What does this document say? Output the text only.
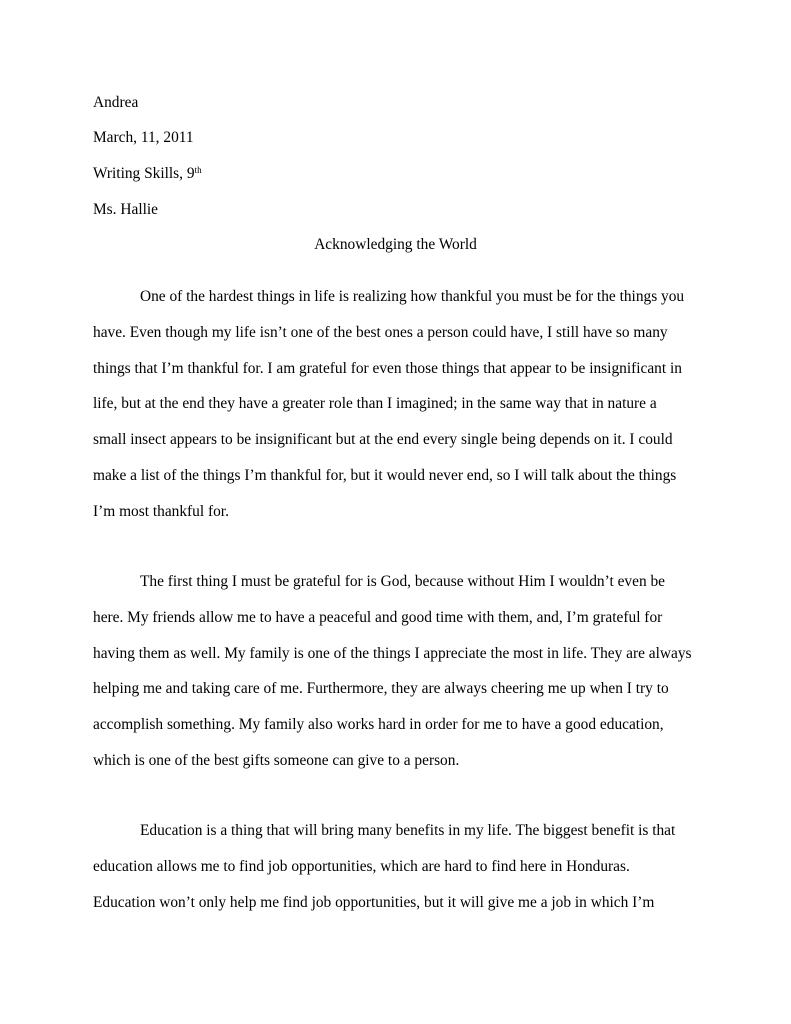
Andrea
March, 11, 2011
Writing Skills, 9th
Ms. Hallie
Acknowledging the World
One of the hardest things in life is realizing how thankful you must be for the things you
have. Even though my life isn’t one of the best ones a person could have, I still have so many
things that I’m thankful for. I am grateful for even those things that appear to be insignificant in
life, but at the end they have a greater role than I imagined; in the same way that in nature a
small insect appears to be insignificant but at the end every single being depends on it. I could
make a list of the things I’m thankful for, but it would never end, so I will talk about the things
I’m most thankful for.
The first thing I must be grateful for is God, because without Him I wouldn’t even be
here. My friends allow me to have a peaceful and good time with them, and, I’m grateful for
having them as well. My family is one of the things I appreciate the most in life. They are always
helping me and taking care of me. Furthermore, they are always cheering me up when I try to
accomplish something. My family also works hard in order for me to have a good education,
which is one of the best gifts someone can give to a person.
Education is a thing that will bring many benefits in my life. The biggest benefit is that
education allows me to find job opportunities, which are hard to find here in Honduras.
Education won’t only help me find job opportunities, but it will give me a job in which I’m
